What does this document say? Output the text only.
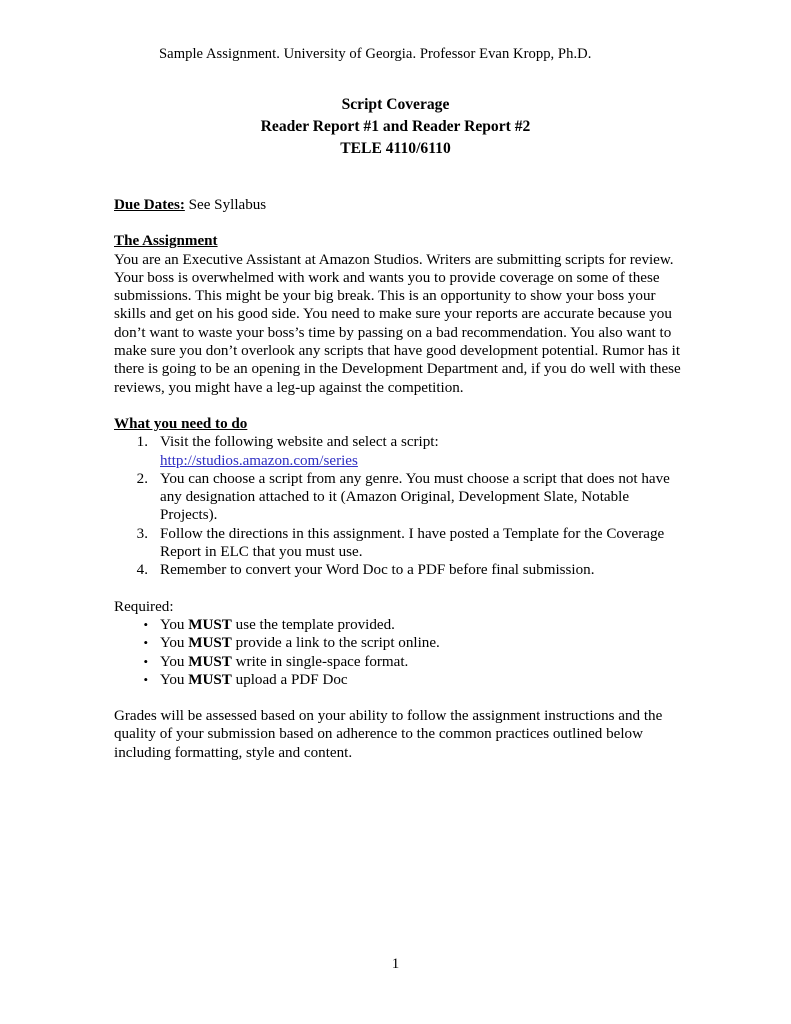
Sample Assignment. University of Georgia. Professor Evan Kropp, Ph.D.
Script Coverage
Reader Report #1 and Reader Report #2
TELE 4110/6110

Due Dates: See Syllabus

The Assignment

You are an Executive Assistant at Amazon Studios. Writers are submitting scripts for review. Your boss is overwhelmed with work and wants you to provide coverage on some of these submissions. This might be your big break. This is an opportunity to show your boss your skills and get on his good side. You need to make sure your reports are accurate because you don’t want to waste your boss’s time by passing on a bad recommendation. You also want to make sure you don’t overlook any scripts that have good development potential. Rumor has it there is going to be an opening in the Development Department and, if you do well with these reviews, you might have a leg-up against the competition.

What you need to do

1. Visit the following website and select a script:
http://studios.amazon.com/series
2. You can choose a script from any genre. You must choose a script that does not have any designation attached to it (Amazon Original, Development Slate, Notable Projects).
3. Follow the directions in this assignment. I have posted a Template for the Coverage Report in ELC that you must use.
4. Remember to convert your Word Doc to a PDF before final submission.

Required:

• You MUST use the template provided.
• You MUST provide a link to the script online.
• You MUST write in single-space format.
• You MUST upload a PDF Doc

Grades will be assessed based on your ability to follow the assignment instructions and the quality of your submission based on adherence to the common practices outlined below including formatting, style and content.

1
